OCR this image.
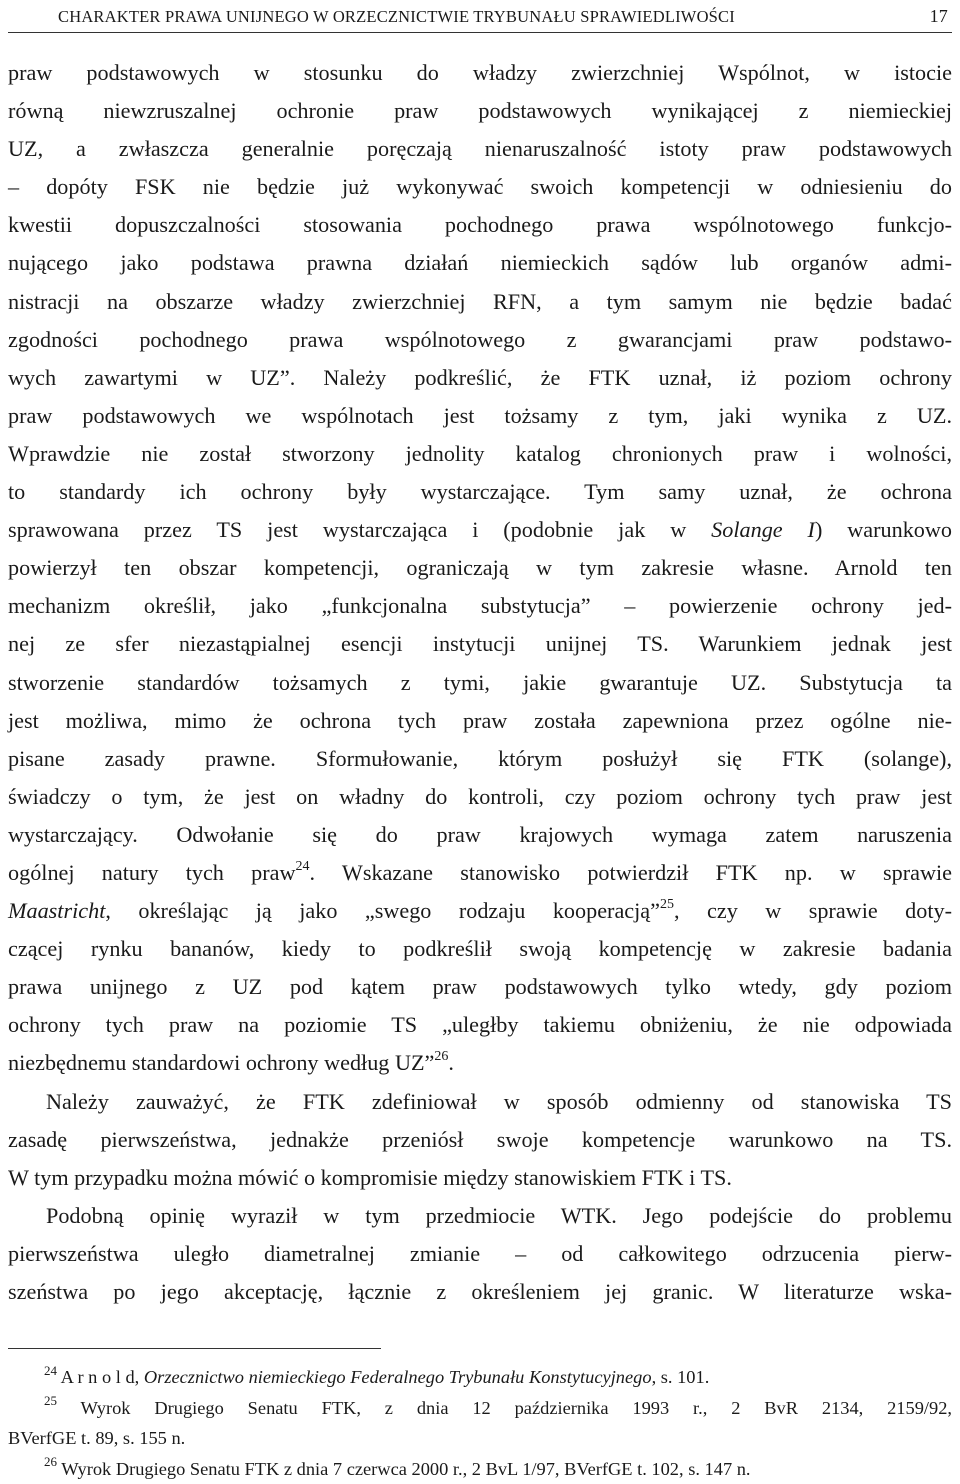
CHARAKTER PRAWA UNIJNEGO W ORZECZNICTWIE TRYBUNAŁU SPRAWIEDLIWOŚCI	17

praw podstawowych w stosunku do władzy zwierzchniej Wspólnot, w istocie
równą niewzruszalnej ochronie praw podstawowych wynikającej z niemieckiej
UZ, a zwłaszcza generalnie poręczają nienaruszalność istoty praw podstawowych
– dopóty FSK nie będzie już wykonywać swoich kompetencji w odniesieniu do
kwestii dopuszczalności stosowania pochodnego prawa wspólnotowego funkcjo-
nującego jako podstawa prawna działań niemieckich sądów lub organów admi-
nistracji na obszarze władzy zwierzchniej RFN, a tym samym nie będzie badać
zgodności pochodnego prawa wspólnotowego z gwarancjami praw podstawo-
wych zawartymi w UZ”. Należy podkreślić, że FTK uznał, iż poziom ochrony
praw podstawowych we wspólnotach jest tożsamy z tym, jaki wynika z UZ.
Wprawdzie nie został stworzony jednolity katalog chronionych praw i wolności,
to standardy ich ochrony były wystarczające. Tym samy uznał, że ochrona
sprawowana przez TS jest wystarczająca i (podobnie jak w Solange I) warunkowo
powierzył ten obszar kompetencji, ograniczają w tym zakresie własne. Arnold ten
mechanizm określił, jako „funkcjonalna substytucja” – powierzenie ochrony jed-
nej ze sfer niezastąpialnej esencji instytucji unijnej TS. Warunkiem jednak jest
stworzenie standardów tożsamych z tymi, jakie gwarantuje UZ. Substytucja ta
jest możliwa, mimo że ochrona tych praw została zapewniona przez ogólne nie-
pisane zasady prawne. Sformułowanie, którym posłużył się FTK (solange),
świadczy o tym, że jest on władny do kontroli, czy poziom ochrony tych praw jest
wystarczający. Odwołanie się do praw krajowych wymaga zatem naruszenia
ogólnej natury tych praw$^{24}$. Wskazane stanowisko potwierdził FTK np. w sprawie
Maastricht, określając ją jako „swego rodzaju kooperacją”$^{25}$, czy w sprawie doty-
czącej rynku bananów, kiedy to podkreślił swoją kompetencję w zakresie badania
prawa unijnego z UZ pod kątem praw podstawowych tylko wtedy, gdy poziom
ochrony tych praw na poziomie TS „uległby takiemu obniżeniu, że nie odpowiada
niezbędnemu standardowi ochrony według UZ”$^{26}$.

Należy zauważyć, że FTK zdefiniował w sposób odmienny od stanowiska TS
zasadę pierwszeństwa, jednakże przeniósł swoje kompetencje warunkowo na TS.
W tym przypadku można mówić o kompromisie między stanowiskiem FTK i TS.

Podobną opinię wyraził w tym przedmiocie WTK. Jego podejście do problemu
pierwszeństwa uległo diametralnej zmianie – od całkowitego odrzucenia pierw-
szeństwa po jego akceptację, łącznie z określeniem jej granic. W literaturze wska-

$^{24}$ A r n o l d, Orzecznictwo niemieckiego Federalnego Trybunału Konstytucyjnego, s. 101.

$^{25}$ Wyrok Drugiego Senatu FTK, z dnia 12 października 1993 r., 2 BvR 2134, 2159/92,
BVerfGE t. 89, s. 155 n.

$^{26}$ Wyrok Drugiego Senatu FTK z dnia 7 czerwca 2000 r., 2 BvL 1/97, BVerfGE t. 102, s. 147 n.
